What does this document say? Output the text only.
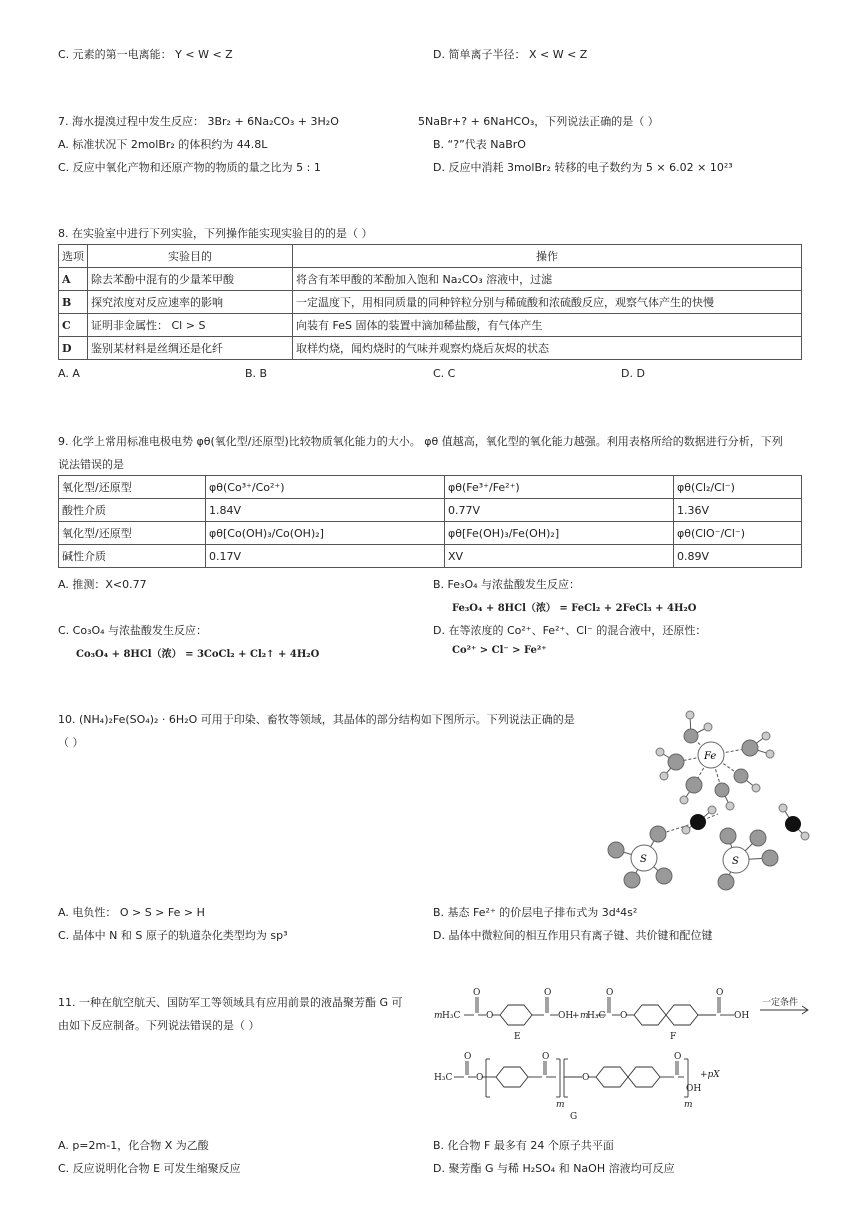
C. 元素的第一电离能： Y < W < Z	D. 简单离子半径： X < W < Z
7. 海水提溴过程中发生反应： 3Br₂ + 6Na₂CO₃ + 3H₂O	5NaBr+? + 6NaHCO₃，下列说法正确的是（ ）
A. 标准状况下 2molBr₂ 的体积约为 44.8L	B. “?”代表 NaBrO
C. 反应中氧化产物和还原产物的物质的量之比为 5 : 1	D. 反应中消耗 3molBr₂ 转移的电子数约为 5 × 6.02 × 10²³
8. 在实验室中进行下列实验，下列操作能实现实验目的的是（ ）
选项	实验目的	操作
A	除去苯酚中混有的少量苯甲酸	将含有苯甲酸的苯酚加入饱和 Na₂CO₃ 溶液中，过滤
B	探究浓度对反应速率的影响	一定温度下，用相同质量的同种锌粒分别与稀硫酸和浓硫酸反应，观察气体产生的快慢
C	证明非金属性： Cl > S	向装有 FeS 固体的装置中滴加稀盐酸，有气体产生
D	鉴别某材料是丝绸还是化纤	取样灼烧，闻灼烧时的气味并观察灼烧后灰烬的状态
A. A	B. B	C. C	D. D
9. 化学上常用标准电极电势 φθ(氧化型/还原型)比较物质氧化能力的大小。 φθ 值越高，氧化型的氧化能力越强。利用表格所给的数据进行分析，下列
说法错误的是
氧化型/还原型	φθ(Co³⁺/Co²⁺)	φθ(Fe³⁺/Fe²⁺)	φθ(Cl₂/Cl⁻)
酸性介质	1.84V	0.77V	1.36V
氧化型/还原型	φθ[Co(OH)₃/Co(OH)₂]	φθ[Fe(OH)₃/Fe(OH)₂]	φθ(ClO⁻/Cl⁻)
碱性介质	0.17V	XV	0.89V
A. 推测：X<0.77	B. Fe₃O₄ 与浓盐酸发生反应：
Fe₃O₄ + 8HCl（浓） = FeCl₂ + 2FeCl₃ + 4H₂O
C. Co₃O₄ 与浓盐酸发生反应：
Co₃O₄ + 8HCl（浓） = 3CoCl₂ + Cl₂↑ + 4H₂O
D. 在等浓度的 Co²⁺、Fe²⁺、Cl⁻ 的混合液中，还原性：
Co²⁺ > Cl⁻ > Fe²⁺
10. (NH₄)₂Fe(SO₄)₂ · 6H₂O 可用于印染、畜牧等领域，其晶体的部分结构如下图所示。下列说法正确的是
（ ）
Fe
S	S
A. 电负性： O > S > Fe > H	B. 基态 Fe²⁺ 的价层电子排布式为 3d⁴4s²
C. 晶体中 N 和 S 原子的轨道杂化类型均为 sp³	D. 晶体中微粒间的相互作用只有离子键、共价键和配位键
11. 一种在航空航天、国防军工等领域具有应用前景的液晶聚芳酯 G 可
由如下反应制备。下列说法错误的是（ ）
m H₃C
O
O
O
OH
+ m
H₃C
O
O
O
OH
一定条件
E	F
H₃C
O
O
O
m
O
O
m
OH
+pX
G
A. p=2m-1，化合物 X 为乙酸	B. 化合物 F 最多有 24 个原子共平面
C. 反应说明化合物 E 可发生缩聚反应	D. 聚芳酯 G 与稀 H₂SO₄ 和 NaOH 溶液均可反应
